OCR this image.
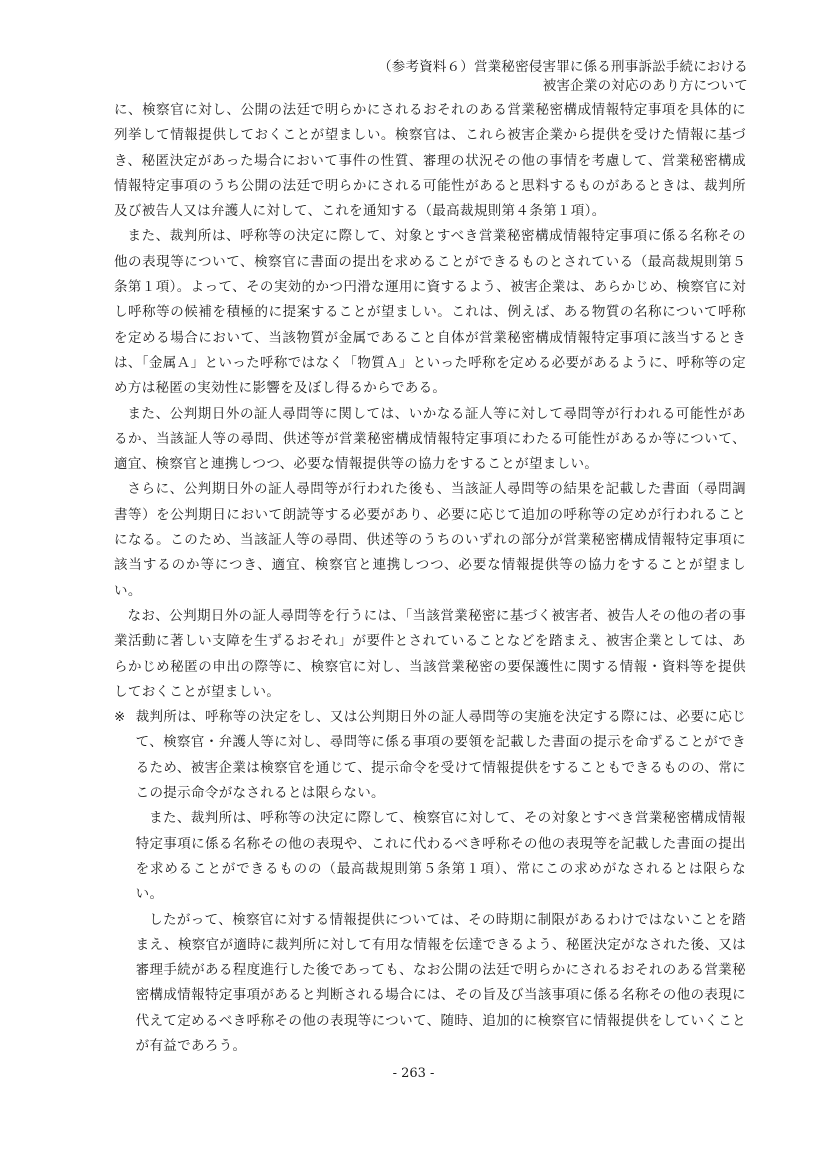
（参考資料６）営業秘密侵害罪に係る刑事訴訟手続における
被害企業の対応のあり方について

に、検察官に対し、公開の法廷で明らかにされるおそれのある営業秘密構成情報特定事項を具体的に列挙して情報提供しておくことが望ましい。検察官は、これら被害企業から提供を受けた情報に基づき、秘匿決定があった場合において事件の性質、審理の状況その他の事情を考慮して、営業秘密構成情報特定事項のうち公開の法廷で明らかにされる可能性があると思料するものがあるときは、裁判所及び被告人又は弁護人に対して、これを通知する（最高裁規則第４条第１項）。

また、裁判所は、呼称等の決定に際して、対象とすべき営業秘密構成情報特定事項に係る名称その他の表現等について、検察官に書面の提出を求めることができるものとされている（最高裁規則第５条第１項）。よって、その実効的かつ円滑な運用に資するよう、被害企業は、あらかじめ、検察官に対し呼称等の候補を積極的に提案することが望ましい。これは、例えば、ある物質の名称について呼称を定める場合において、当該物質が金属であること自体が営業秘密構成情報特定事項に該当するときは、「金属Ａ」といった呼称ではなく「物質Ａ」といった呼称を定める必要があるように、呼称等の定め方は秘匿の実効性に影響を及ぼし得るからである。

また、公判期日外の証人尋問等に関しては、いかなる証人等に対して尋問等が行われる可能性があるか、当該証人等の尋問、供述等が営業秘密構成情報特定事項にわたる可能性があるか等について、適宜、検察官と連携しつつ、必要な情報提供等の協力をすることが望ましい。

さらに、公判期日外の証人尋問等が行われた後も、当該証人尋問等の結果を記載した書面（尋問調書等）を公判期日において朗読等する必要があり、必要に応じて追加の呼称等の定めが行われることになる。このため、当該証人等の尋問、供述等のうちのいずれの部分が営業秘密構成情報特定事項に該当するのか等につき、適宜、検察官と連携しつつ、必要な情報提供等の協力をすることが望ましい。

なお、公判期日外の証人尋問等を行うには、「当該営業秘密に基づく被害者、被告人その他の者の事業活動に著しい支障を生ずるおそれ」が要件とされていることなどを踏まえ、被害企業としては、あらかじめ秘匿の申出の際等に、検察官に対し、当該営業秘密の要保護性に関する情報・資料等を提供しておくことが望ましい。

※ 裁判所は、呼称等の決定をし、又は公判期日外の証人尋問等の実施を決定する際には、必要に応じて、検察官・弁護人等に対し、尋問等に係る事項の要領を記載した書面の提示を命ずることができるため、被害企業は検察官を通じて、提示命令を受けて情報提供をすることもできるものの、常にこの提示命令がなされるとは限らない。

また、裁判所は、呼称等の決定に際して、検察官に対して、その対象とすべき営業秘密構成情報特定事項に係る名称その他の表現や、これに代わるべき呼称その他の表現等を記載した書面の提出を求めることができるものの（最高裁規則第５条第１項）、常にこの求めがなされるとは限らない。

したがって、検察官に対する情報提供については、その時期に制限があるわけではないことを踏まえ、検察官が適時に裁判所に対して有用な情報を伝達できるよう、秘匿決定がなされた後、又は審理手続がある程度進行した後であっても、なお公開の法廷で明らかにされるおそれのある営業秘密構成情報特定事項があると判断される場合には、その旨及び当該事項に係る名称その他の表現に代えて定めるべき呼称その他の表現等について、随時、追加的に検察官に情報提供をしていくことが有益であろう。

- 263 -
